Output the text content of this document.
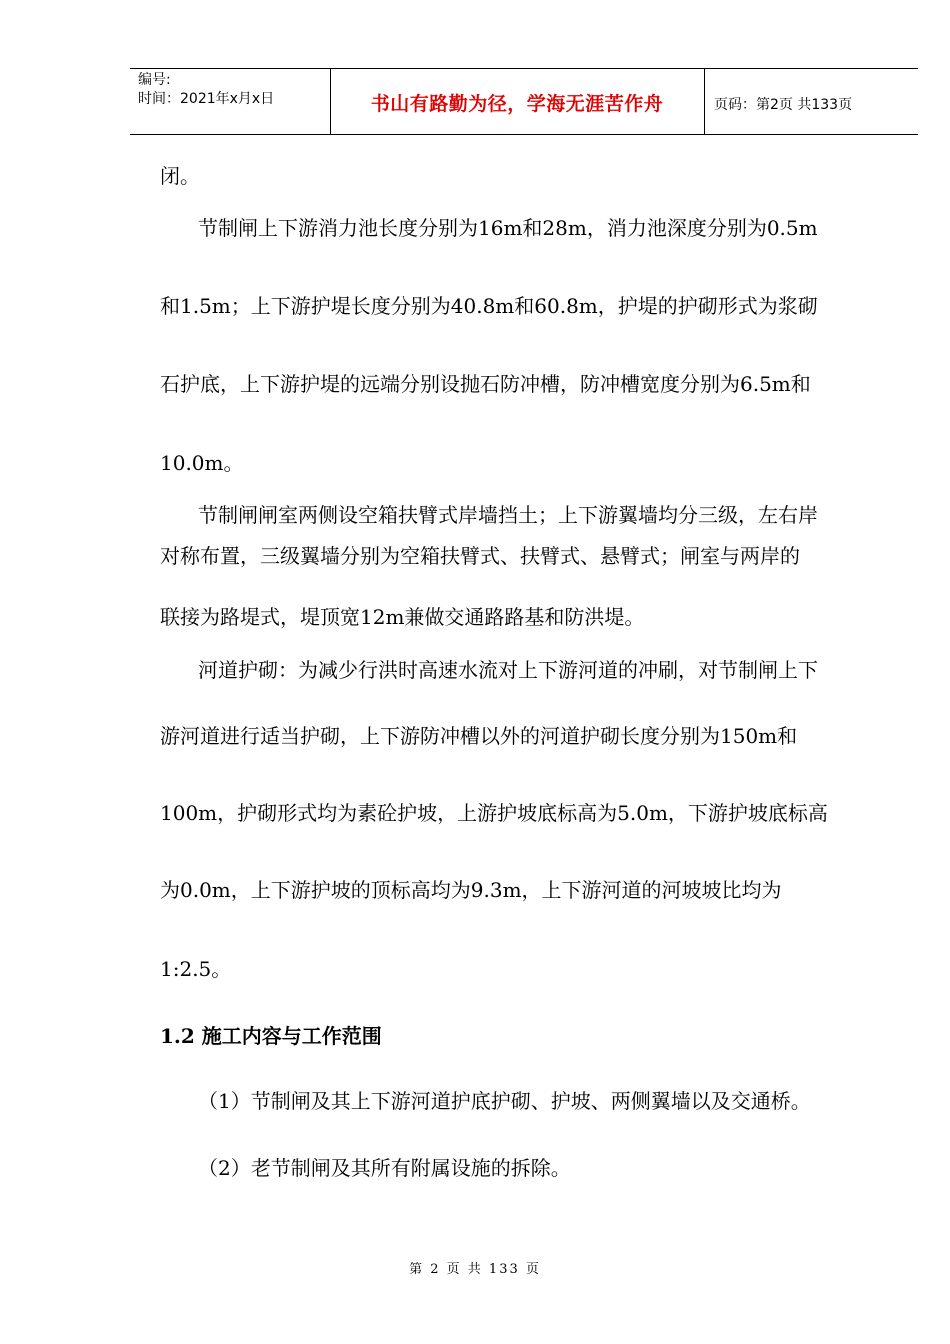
编号:
时间：2021年x月x日	书山有路勤为径，学海无涯苦作舟	页码：第2页 共133页
闭。
节制闸上下游消力池长度分别为16m和28m，消力池深度分别为0.5m
和1.5m；上下游护堤长度分别为40.8m和60.8m，护堤的护砌形式为浆砌
石护底，上下游护堤的远端分别设抛石防冲槽，防冲槽宽度分别为6.5m和
10.0m。
节制闸闸室两侧设空箱扶臂式岸墙挡土；上下游翼墙均分三级，左右岸
对称布置，三级翼墙分别为空箱扶臂式、扶臂式、悬臂式；闸室与两岸的
联接为路堤式，堤顶宽12m兼做交通路路基和防洪堤。
河道护砌：为减少行洪时高速水流对上下游河道的冲刷，对节制闸上下
游河道进行适当护砌，上下游防冲槽以外的河道护砌长度分别为150m和
100m，护砌形式均为素砼护坡，上游护坡底标高为5.0m，下游护坡底标高
为0.0m，上下游护坡的顶标高均为9.3m，上下游河道的河坡坡比均为
1:2.5。
1.2 施工内容与工作范围
（1）节制闸及其上下游河道护底护砌、护坡、两侧翼墙以及交通桥。
（2）老节制闸及其所有附属设施的拆除。
第 2 页 共 133 页
